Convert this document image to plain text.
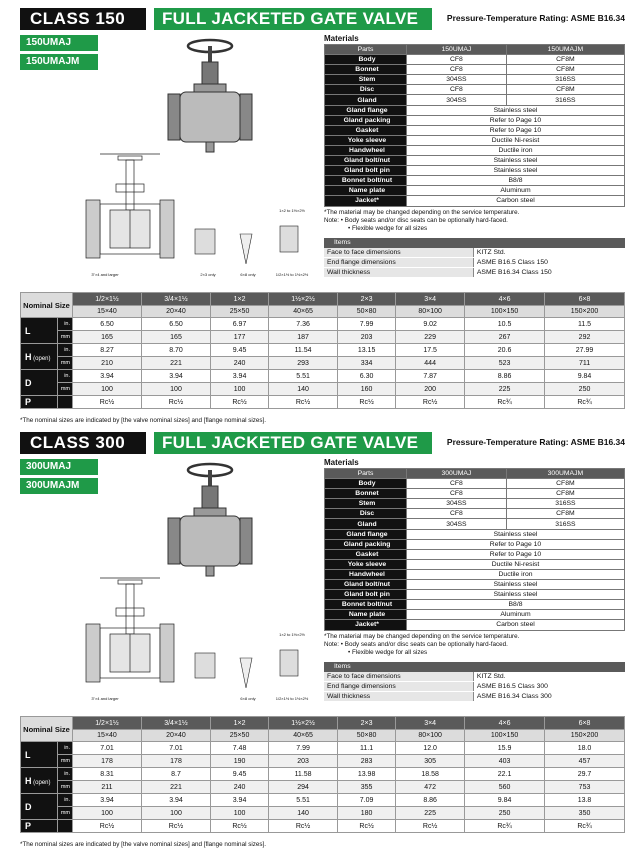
CLASS 150	FULL JACKETED GATE VALVE	Pressure-Temperature Rating: ASME B16.34
150UMAJ
150UMAJM
3"×4 and larger	2×3 only	6×8 only
1×2 to 1½×2½
1/2×1½ to 1½×2½
Materials
Parts	150UMAJ	150UMAJM
Body	CF8	CF8M
Bonnet	CF8	CF8M
Stem	304SS	316SS
Disc	CF8	CF8M
Gland	304SS	316SS
Gland flange	Stainless steel	
Gland packing	Refer to Page 10	
Gasket	Refer to Page 10	
Yoke sleeve	Ductile Ni-resist	
Handwheel	Ductile iron	
Gland bolt/nut	Stainless steel	
Gland bolt pin	Stainless steel	
Bonnet bolt/nut	B8/8	
Name plate	Aluminum	
Jacket*	Carbon steel	
*The material may be changed depending on the service temperature.
Note: • Body seats and/or disc seats can be optionally hard-faced.
• Flexible wedge for all sizes
Items	
Face to face dimensions	KITZ Std.
End flange dimensions	ASME B16.5 Class 150
Wall thickness	ASME B16.34 Class 150
Nominal Size		1/2×1½	3/4×1½	1×2	1½×2½	2×3	3×4	4×6	6×8
		15×40	20×40	25×50	40×65	50×80	80×100	100×150	150×200
L	in.	6.50	6.50	6.97	7.36	7.99	9.02	10.5	11.5
	mm	165	165	177	187	203	229	267	292
H (open)	in.	8.27	8.70	9.45	11.54	13.15	17.5	20.6	27.99
	mm	210	221	240	293	334	444	523	711
D	in.	3.94	3.94	3.94	5.51	6.30	7.87	8.86	9.84
	mm	100	100	100	140	160	200	225	250
P		Rc½	Rc½	Rc½	Rc½	Rc½	Rc½	Rc¾	Rc¾
*The nominal sizes are indicated by [the valve nominal sizes] and [flange nominal sizes].
CLASS 300	FULL JACKETED GATE VALVE	Pressure-Temperature Rating: ASME B16.34
300UMAJ
300UMAJM
3"×4 and larger	6×8 only
1×2 to 1½×2½
1/2×1½ to 1½×2½
Materials
Parts	300UMAJ	300UMAJM
Body	CF8	CF8M
Bonnet	CF8	CF8M
Stem	304SS	316SS
Disc	CF8	CF8M
Gland	304SS	316SS
Gland flange	Stainless steel	
Gland packing	Refer to Page 10	
Gasket	Refer to Page 10	
Yoke sleeve	Ductile Ni-resist	
Handwheel	Ductile iron	
Gland bolt/nut	Stainless steel	
Gland bolt pin	Stainless steel	
Bonnet bolt/nut	B8/8	
Name plate	Aluminum	
Jacket*	Carbon steel	
*The material may be changed depending on the service temperature.
Note: • Body seats and/or disc seats can be optionally hard-faced.
• Flexible wedge for all sizes
Items	
Face to face dimensions	KITZ Std.
End flange dimensions	ASME B16.5 Class 300
Wall thickness	ASME B16.34 Class 300
Nominal Size		1/2×1½	3/4×1½	1×2	1½×2½	2×3	3×4	4×6	6×8
		15×40	20×40	25×50	40×65	50×80	80×100	100×150	150×200
L	in.	7.01	7.01	7.48	7.99	11.1	12.0	15.9	18.0
	mm	178	178	190	203	283	305	403	457
H (open)	in.	8.31	8.7	9.45	11.58	13.98	18.58	22.1	29.7
	mm	211	221	240	294	355	472	560	753
D	in.	3.94	3.94	3.94	5.51	7.09	8.86	9.84	13.8
	mm	100	100	100	140	180	225	250	350
P		Rc½	Rc½	Rc½	Rc½	Rc½	Rc½	Rc¾	Rc¾
*The nominal sizes are indicated by [the valve nominal sizes] and [flange nominal sizes].
